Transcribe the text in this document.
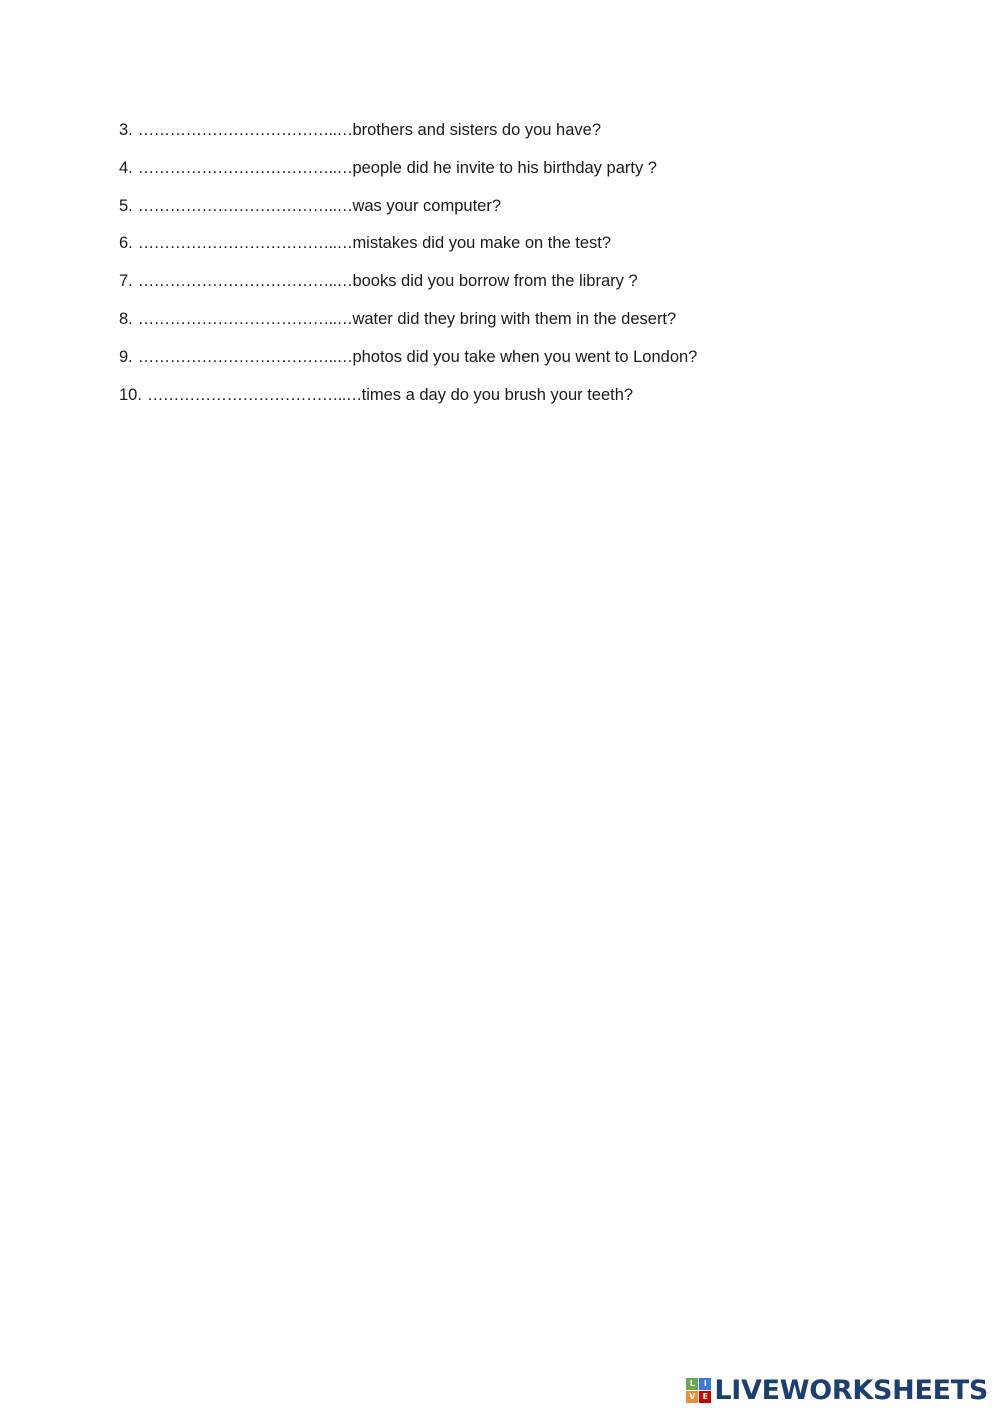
3. ………………………………..… brothers and sisters do you have?
4. ………………………………..… people did he invite to his birthday party ?
5. ………………………………..… was your computer?
6. ………………………………..… mistakes did you make on the test?
7. ………………………………..… books did you borrow from the library ?
8. ………………………………..… water did they bring with them in the desert?
9. ………………………………..… photos did you take when you went to London?
10. ………………………………..… times a day do you brush your teeth?
L	I
V E LIVEWORKSHEETS
